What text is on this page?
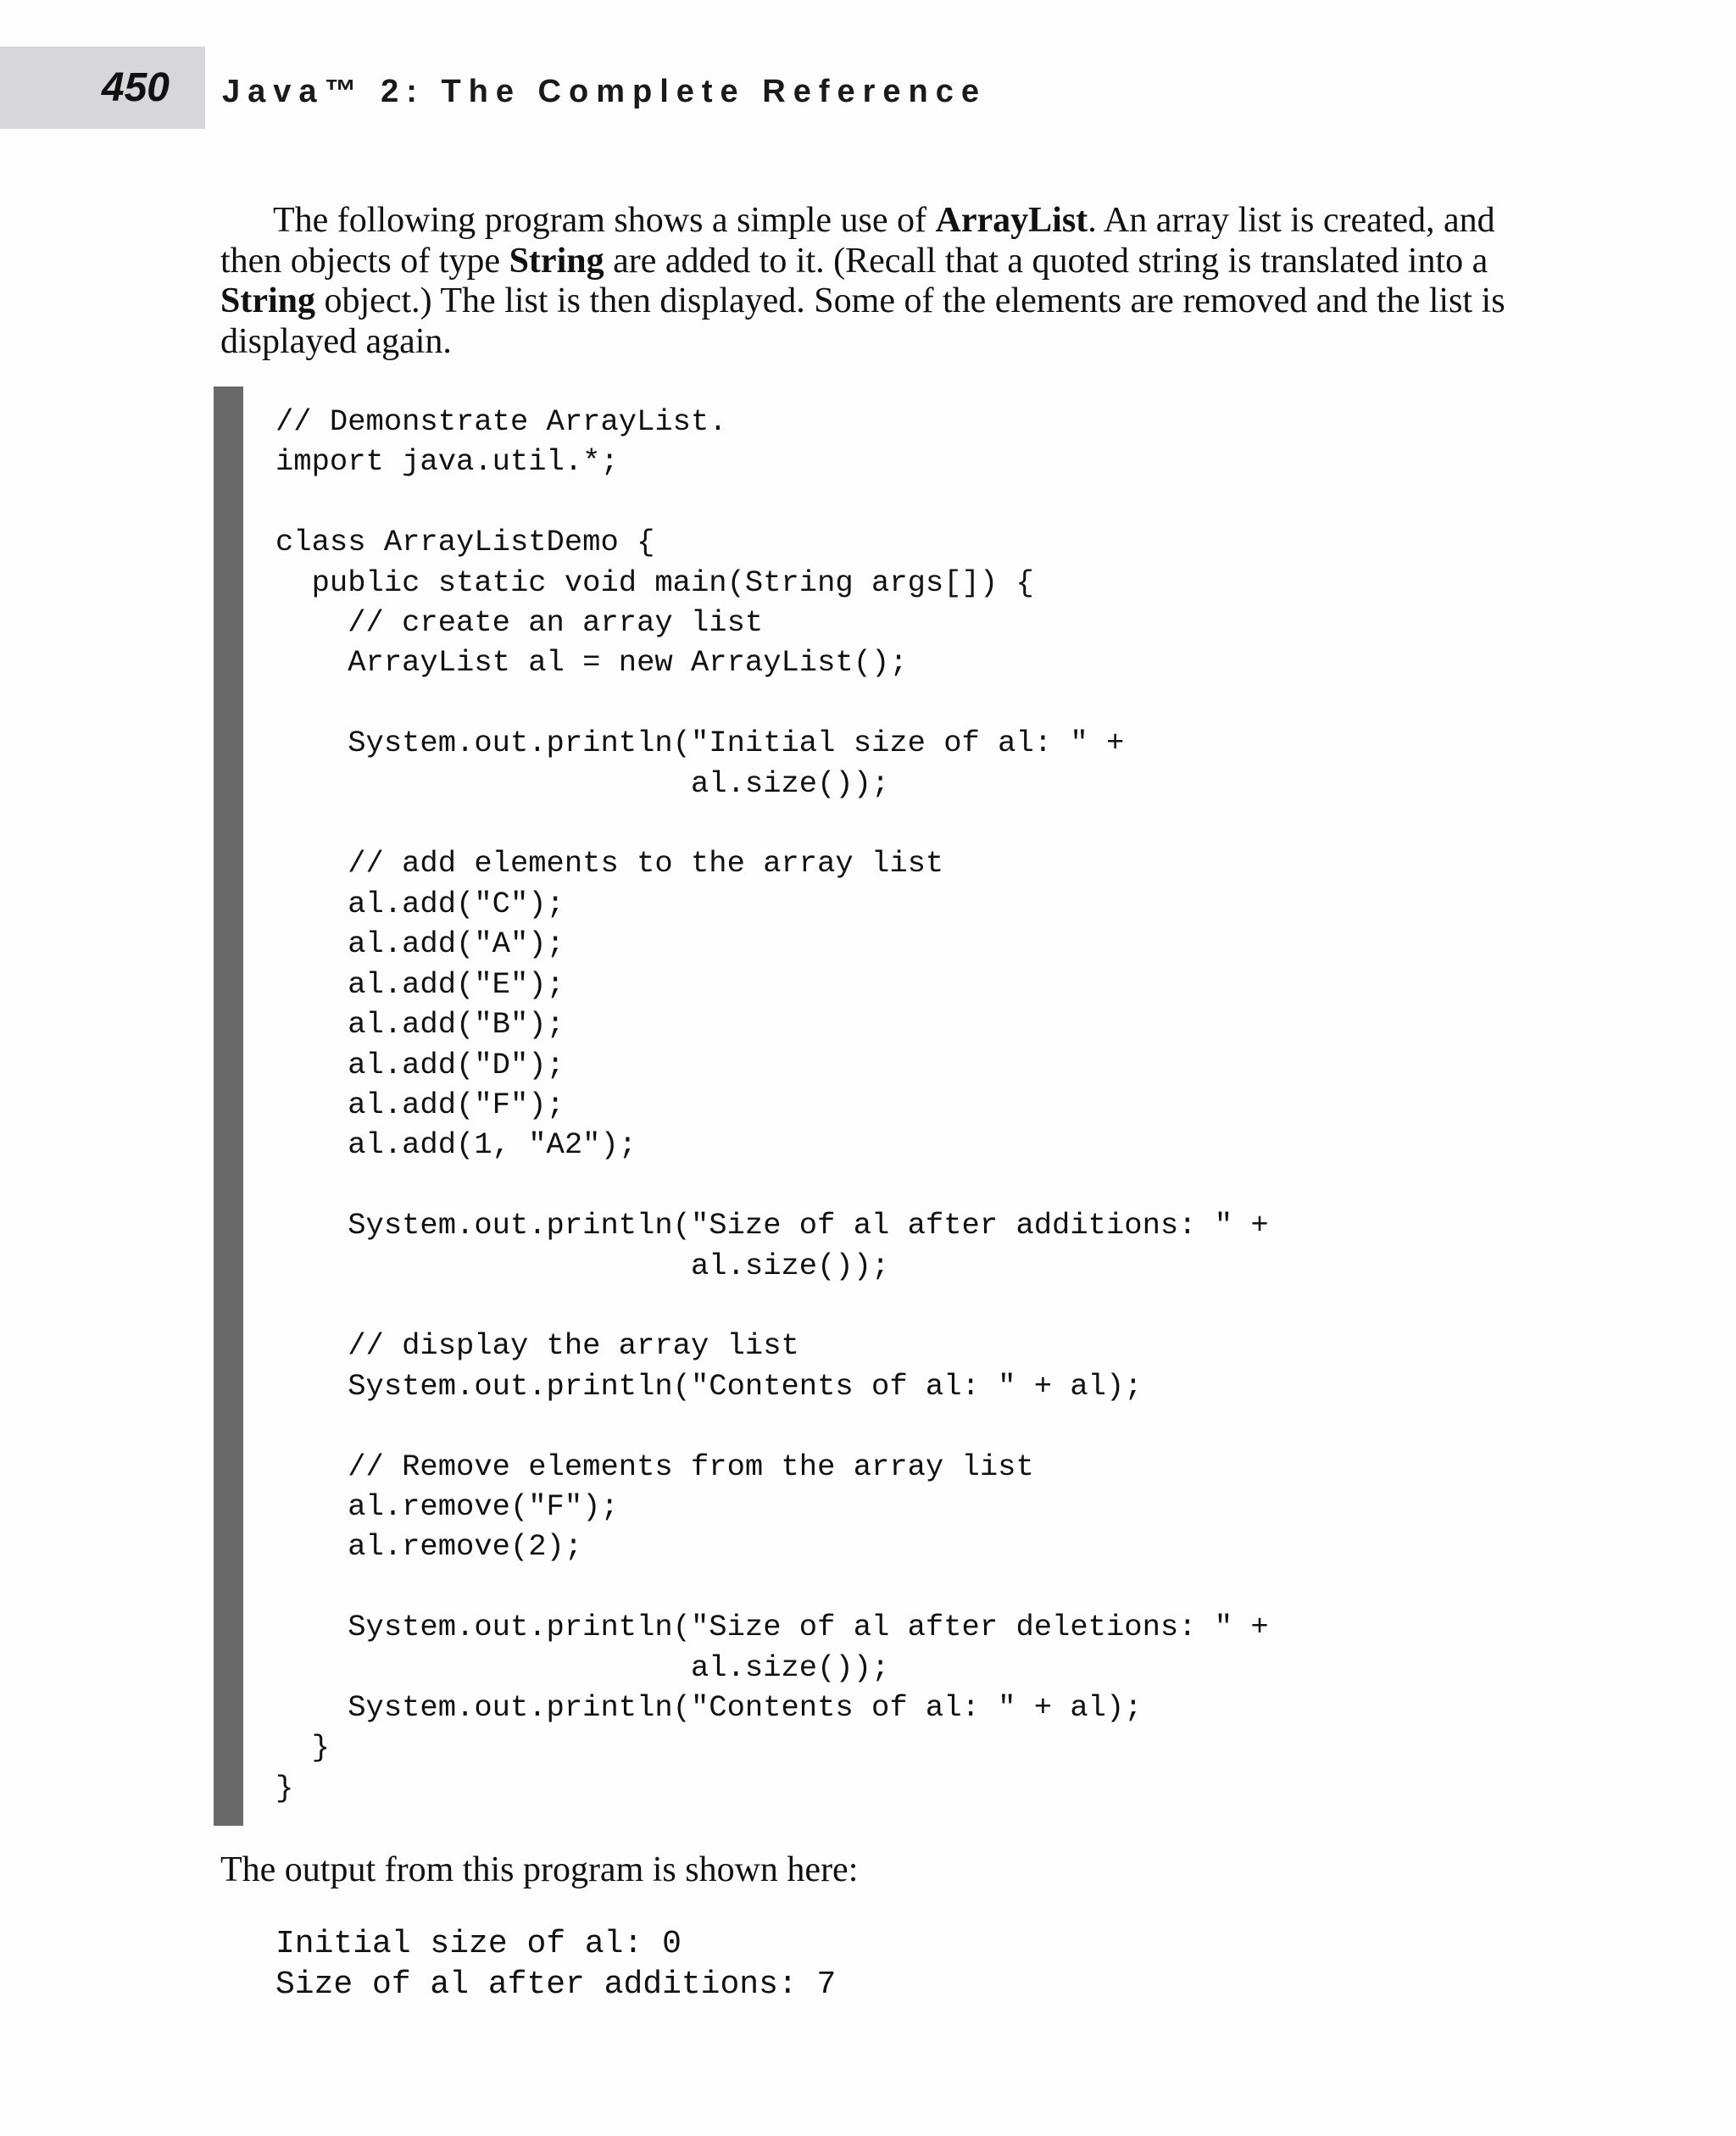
450 Java™ 2: The Complete Reference

The following program shows a simple use of ArrayList. An array list is created, and then objects of type String are added to it. (Recall that a quoted string is translated into a String object.) The list is then displayed. Some of the elements are removed and the list is displayed again.

// Demonstrate ArrayList.
import java.util.*;

class ArrayListDemo {
public static void main(String args[]) {
// create an array list
ArrayList al = new ArrayList();

System.out.println("Initial size of al: " +
al.size());

// add elements to the array list
al.add("C");
al.add("A");
al.add("E");
al.add("B");
al.add("D");
al.add("F");
al.add(1, "A2");

System.out.println("Size of al after additions: " +
al.size());

// display the array list
System.out.println("Contents of al: " + al);

// Remove elements from the array list
al.remove("F");
al.remove(2);

System.out.println("Size of al after deletions: " +
al.size());
System.out.println("Contents of al: " + al);
}
}

The output from this program is shown here:

Initial size of al: 0
Size of al after additions: 7
